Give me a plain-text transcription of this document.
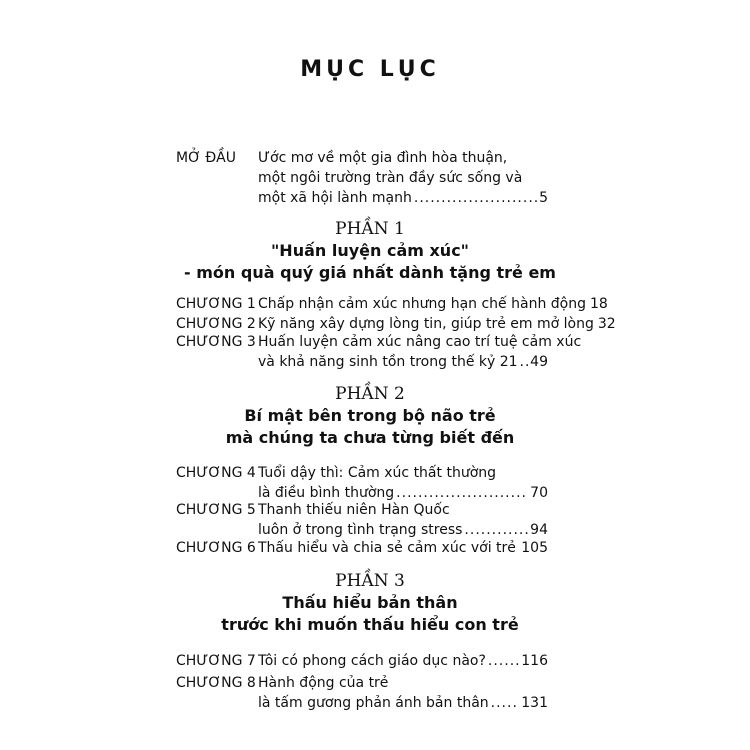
MỤC LỤC
MỞ ĐẦU Ước mơ về một gia đình hòa thuận,
một ngôi trường tràn đầy sức sống và
một xã hội lành mạnh .....	5
PHẦN 1
"Huấn luyện cảm xúc"
- món quà quý giá nhất dành tặng trẻ em
CHƯƠNG 1 Chấp nhận cảm xúc nhưng hạn chế hành động 18
CHƯƠNG 2 Kỹ năng xây dựng lòng tin, giúp trẻ em mở lòng 32
CHƯƠNG 3 Huấn luyện cảm xúc nâng cao trí tuệ cảm xúc
và khả năng sinh tồn trong thế kỷ 21 ..... 49
PHẦN 2
Bí mật bên trong bộ não trẻ
mà chúng ta chưa từng biết đến
CHƯƠNG 4 Tuổi dậy thì: Cảm xúc thất thường
là điều bình thường .....	70
CHƯƠNG 5 Thanh thiếu niên Hàn Quốc
luôn ở trong tình trạng stress .....	94
CHƯƠNG 6 Thấu hiểu và chia sẻ cảm xúc với trẻ ..... 105
PHẦN 3
Thấu hiểu bản thân
trước khi muốn thấu hiểu con trẻ
CHƯƠNG 7 Tôi có phong cách giáo dục nào? .....	116
CHƯƠNG 8 Hành động của trẻ
là tấm gương phản ánh bản thân ..... 131
